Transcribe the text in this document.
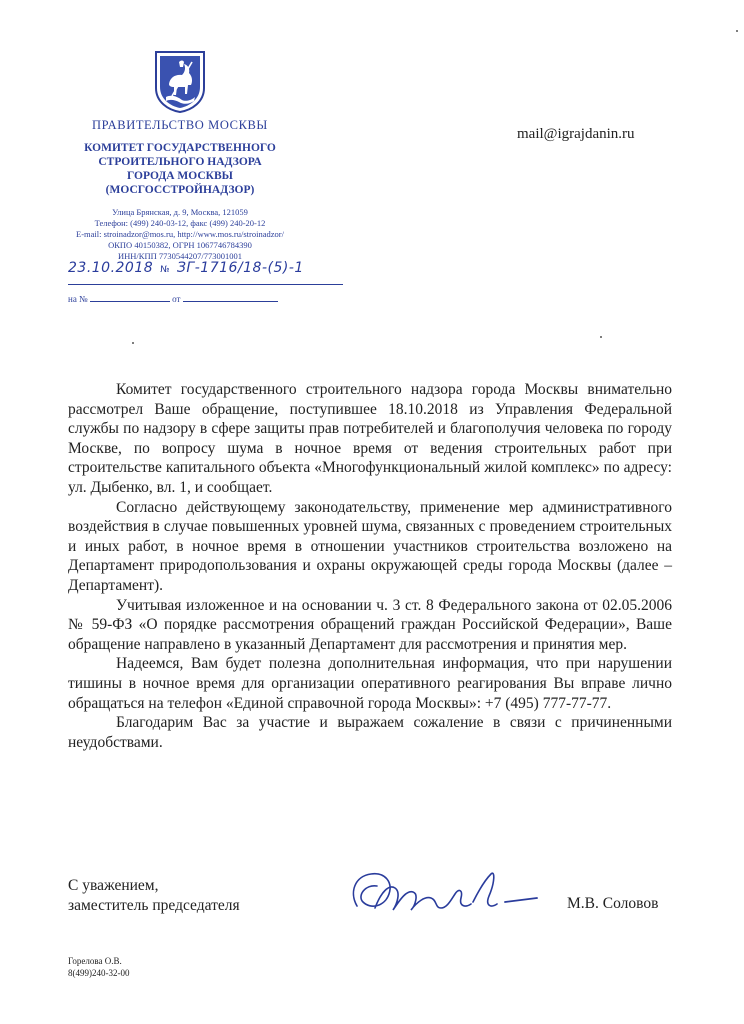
ПРАВИТЕЛЬСТВО МОСКВЫ
КОМИТЕТ ГОСУДАРСТВЕННОГО
СТРОИТЕЛЬНОГО НАДЗОРА
ГОРОДА МОСКВЫ
(МОСГОССТРОЙНАДЗОР)
Улица Брянская, д. 9, Москва, 121059
Телефон: (499) 240-03-12, факс (499) 240-20-12
E-mail: stroinadzor@mos.ru, http://www.mos.ru/stroinadzor/
ОКПО 40150382, ОГРН 1067746784390
ИНН/КПП 7730544207/773001001
23.10.2018 № ЗГ-1716/18-(5)-1
на №	от
mail@igrajdanin.ru

Комитет государственного строительного надзора города Москвы внимательно рассмотрел Ваше обращение, поступившее 18.10.2018 из Управления Федеральной службы по надзору в сфере защиты прав потребителей и благополучия человека по городу Москве, по вопросу шума в ночное время от ведения строительных работ при строительстве капитального объекта «Многофункциональный жилой комплекс» по адресу: ул. Дыбенко, вл. 1, и сообщает.

Согласно действующему законодательству, применение мер административного воздействия в случае повышенных уровней шума, связанных с проведением строительных и иных работ, в ночное время в отношении участников строительства возложено на Департамент природопользования и охраны окружающей среды города Москвы (далее – Департамент).

Учитывая изложенное и на основании ч. 3 ст. 8 Федерального закона от 02.05.2006 № 59-ФЗ «О порядке рассмотрения обращений граждан Российской Федерации», Ваше обращение направлено в указанный Департамент для рассмотрения и принятия мер.

Надеемся, Вам будет полезна дополнительная информация, что при нарушении тишины в ночное время для организации оперативного реагирования Вы вправе лично обращаться на телефон «Единой справочной города Москвы»: +7 (495) 777-77-77.

Благодарим Вас за участие и выражаем сожаление в связи с причиненными неудобствами.

С уважением,
заместитель председателя	М.В. Соловов
Горелова О.В.
8(499)240-32-00
